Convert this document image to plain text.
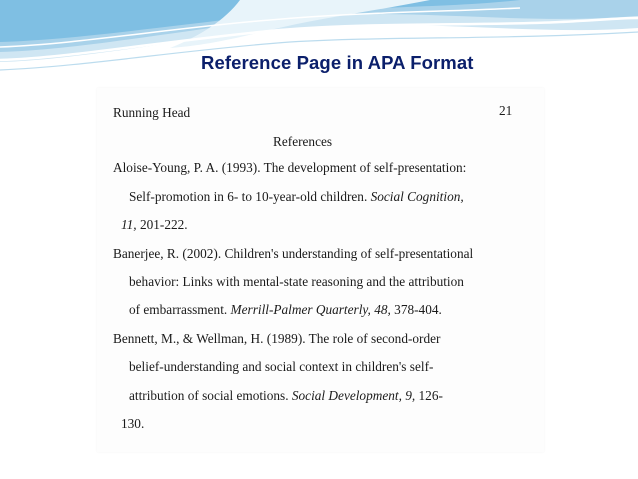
Reference Page in APA Format
Running Head	21
References
Aloise-Young, P. A. (1993). The development of self-presentation:
Self-promotion in 6- to 10-year-old children. Social Cognition,
11, 201-222.
Banerjee, R. (2002). Children's understanding of self-presentational
behavior: Links with mental-state reasoning and the attribution
of embarrassment. Merrill-Palmer Quarterly, 48, 378-404.
Bennett, M., & Wellman, H. (1989). The role of second-order
belief-understanding and social context in children's self-
attribution of social emotions. Social Development, 9, 126-
130.
